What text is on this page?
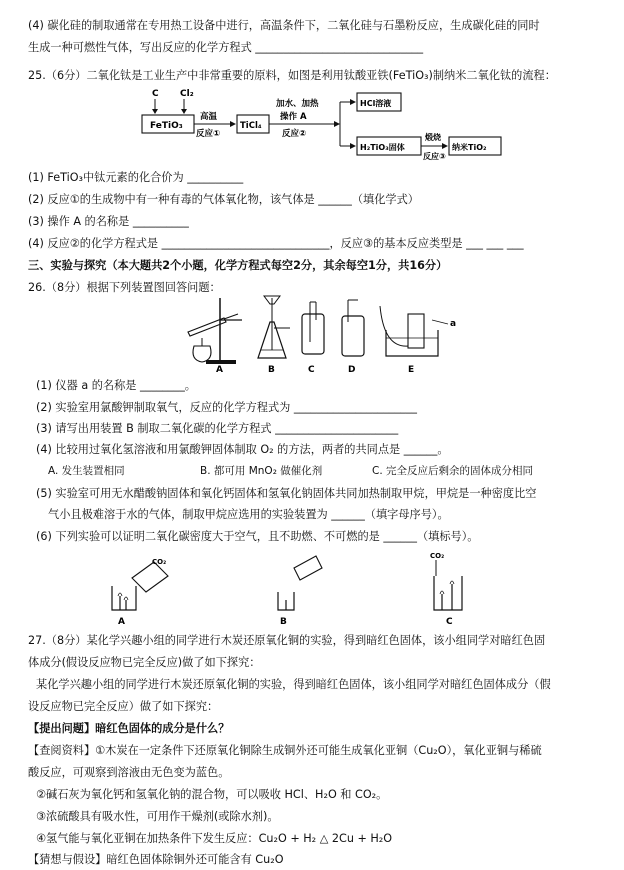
(4) 碳化硅的制取通常在专用热工设备中进行，高温条件下，二氧化硅与石墨粉反应，生成碳化硅的同时
生成一种可燃性气体，写出反应的化学方程式 ______________________________
25.（6分）二氧化钛是工业生产中非常重要的原料，如图是利用钛酸亚铁(FeTiO₃)制纳米二氧化钛的流程：
C Cl₂
FeTiO₃
高温
反应①
TiCl₄
加水、加热
操作 A
反应②
HCl溶液
H₂TiO₃固体
煅烧
反应③
纳米TiO₂
(1) FeTiO₃中钛元素的化合价为 __________
(2) 反应①的生成物中有一种有毒的气体氧化物，该气体是 ______（填化学式）
(3) 操作 A 的名称是 __________
(4) 反应②的化学方程式是 ______________________________，反应③的基本反应类型是 ___ ___ ___
三、实验与探究（本大题共2个小题，化学方程式每空2分，其余每空1分，共16分）
26.（8分）根据下列装置图回答问题：
a
A	B	C	D	E
(1) 仪器 a 的名称是 ________。
(2) 实验室用氯酸钾制取氧气，反应的化学方程式为 ______________________
(3) 请写出用装置 B 制取二氧化碳的化学方程式 ______________________
(4) 比较用过氧化氢溶液和用氯酸钾固体制取 O₂ 的方法，两者的共同点是 ______。
A. 发生装置相同	B. 都可用 MnO₂ 做催化剂	C. 完全反应后剩余的固体成分相同
(5) 实验室可用无水醋酸钠固体和氧化钙固体和氢氧化钠固体共同加热制取甲烷，甲烷是一种密度比空
气小且极难溶于水的气体，制取甲烷应选用的实验装置为 ______（填字母序号）。
(6) 下列实验可以证明二氧化碳密度大于空气，且不助燃、不可燃的是 ______（填标号）。
CO₂
CO₂
A	B	C
27.（8分）某化学兴趣小组的同学进行木炭还原氧化铜的实验，得到暗红色固体，该小组同学对暗红色固
体成分(假设反应物已完全反应)做了如下探究：
某化学兴趣小组的同学进行木炭还原氧化铜的实验，得到暗红色固体，该小组同学对暗红色固体成分（假
设反应物已完全反应）做了如下探究：
【提出问题】暗红色固体的成分是什么？
【查阅资料】①木炭在一定条件下还原氧化铜除生成铜外还可能生成氧化亚铜（Cu₂O），氧化亚铜与稀硫
酸反应，可观察到溶液由无色变为蓝色。
②碱石灰为氧化钙和氢氧化钠的混合物，可以吸收 HCl、H₂O 和 CO₂。
③浓硫酸具有吸水性，可用作干燥剂(或除水剂)。
④氢气能与氧化亚铜在加热条件下发生反应：Cu₂O + H₂ △ 2Cu + H₂O
【猜想与假设】暗红色固体除铜外还可能含有 Cu₂O
